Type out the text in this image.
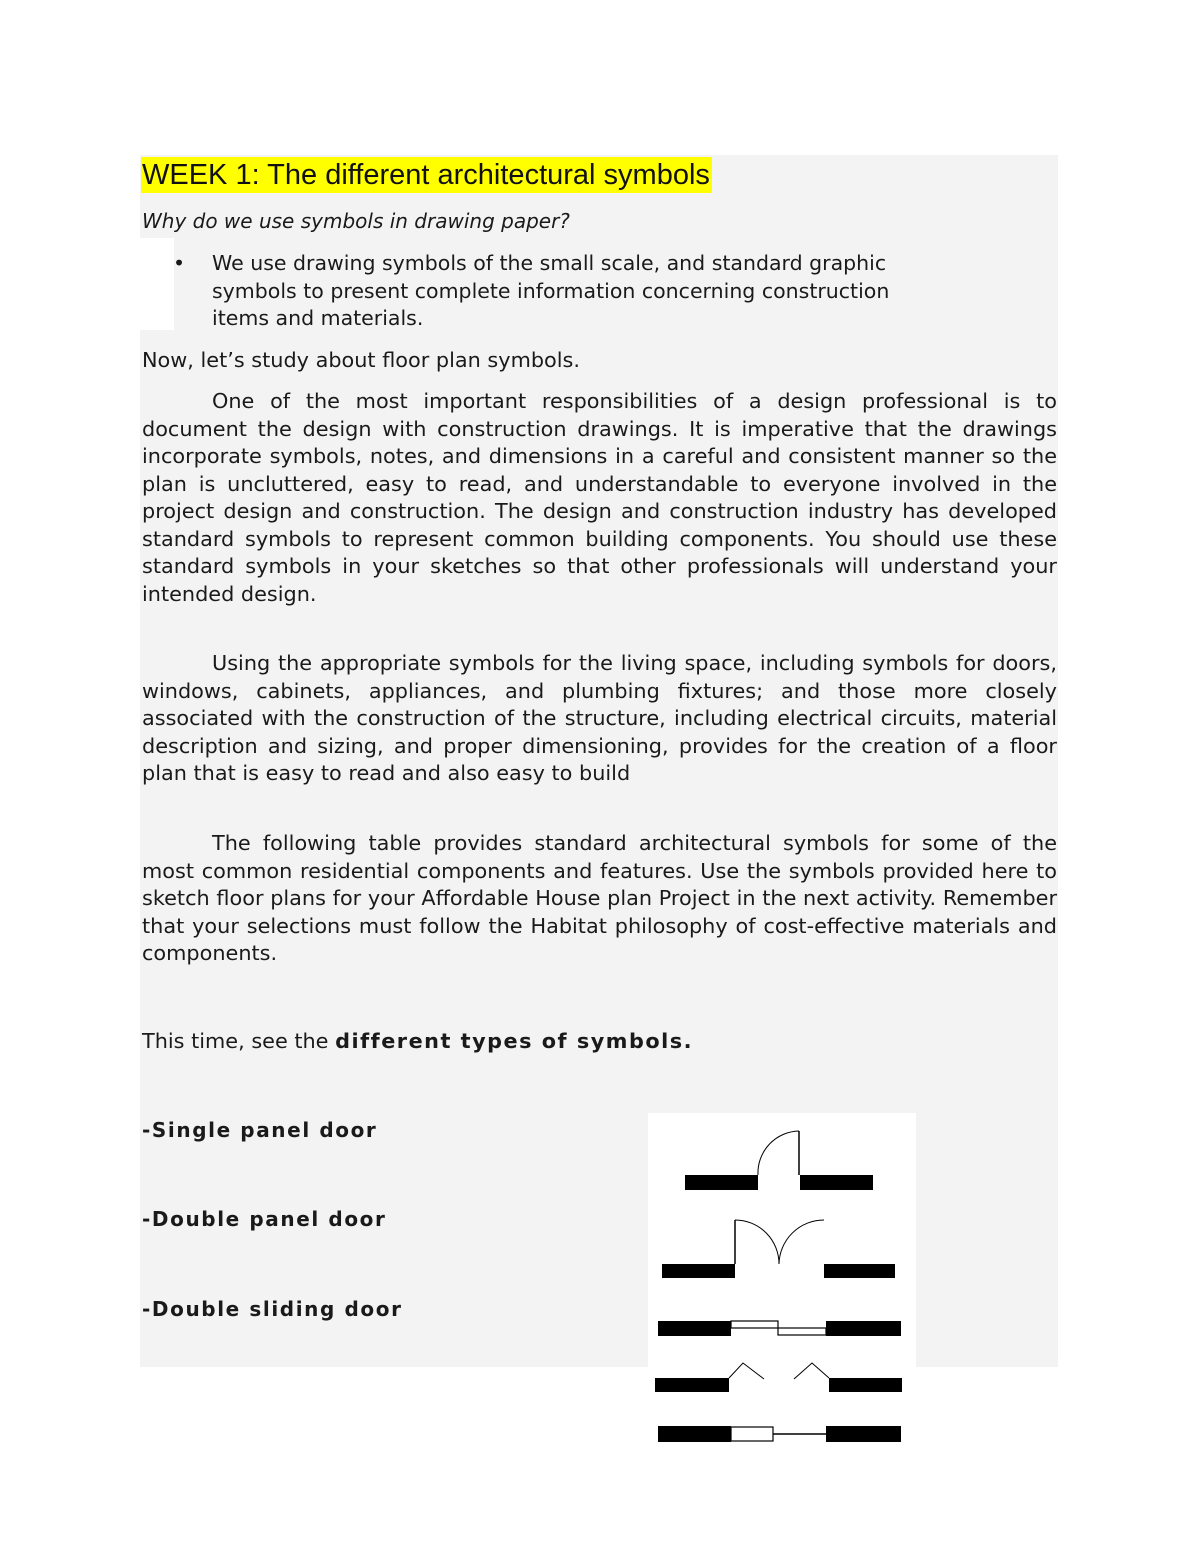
WEEK 1: The different architectural symbols

Why do we use symbols in drawing paper?

• We use drawing symbols of the small scale, and standard graphic symbols to present complete information concerning construction items and materials.

Now, let’s study about floor plan symbols.

One of the most important responsibilities of a design professional is to document the design with construction drawings. It is imperative that the drawings incorporate symbols, notes, and dimensions in a careful and consistent manner so the plan is uncluttered, easy to read, and understandable to everyone involved in the project design and construction. The design and construction industry has developed standard symbols to represent common building components. You should use these standard symbols in your sketches so that other professionals will understand your intended design.

Using the appropriate symbols for the living space, including symbols for doors, windows, cabinets, appliances, and plumbing fixtures; and those more closely associated with the construction of the structure, including electrical circuits, material description and sizing, and proper dimensioning, provides for the creation of a floor plan that is easy to read and also easy to build

The following table provides standard architectural symbols for some of the most common residential components and features. Use the symbols provided here to sketch floor plans for your Affordable House plan Project in the next activity. Remember that your selections must follow the Habitat philosophy of cost-effective materials and components.

This time, see the different types of symbols.

-Single panel door

-Double panel door

-Double sliding door
